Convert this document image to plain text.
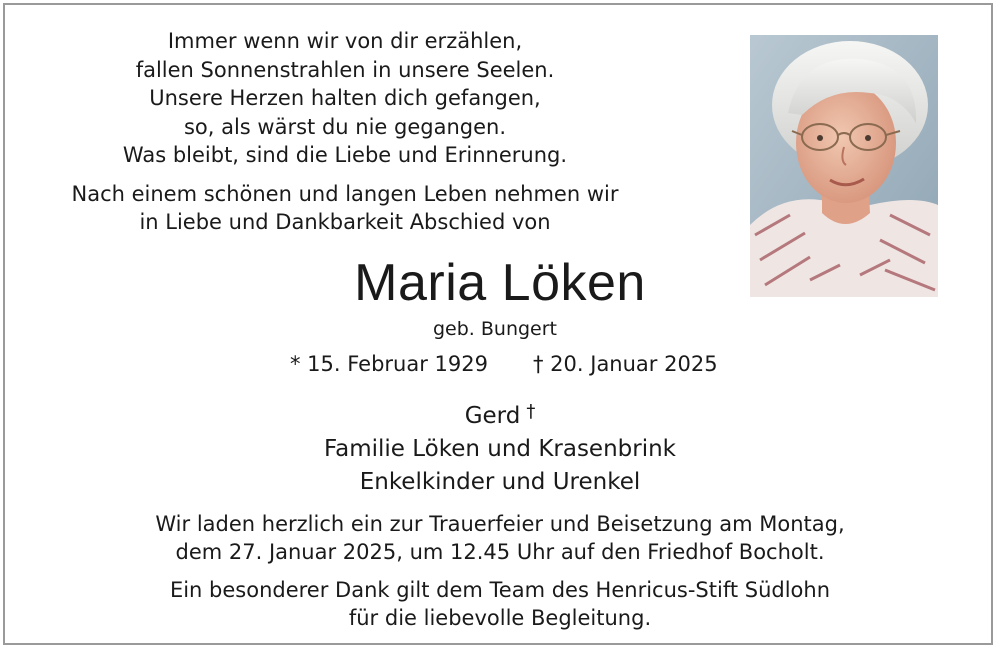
Immer wenn wir von dir erzählen,
fallen Sonnenstrahlen in unsere Seelen.
Unsere Herzen halten dich gefangen,
so, als wärst du nie gegangen.
Was bleibt, sind die Liebe und Erinnerung.
Nach einem schönen und langen Leben nehmen wir
in Liebe und Dankbarkeit Abschied von
Maria Löken
geb. Bungert
* 15. Februar 1929 † 20. Januar 2025
Gerd †
Familie Löken und Krasenbrink
Enkelkinder und Urenkel
Wir laden herzlich ein zur Trauerfeier und Beisetzung am Montag,
dem 27. Januar 2025, um 12.45 Uhr auf den Friedhof Bocholt.
Ein besonderer Dank gilt dem Team des Henricus-Stift Südlohn
für die liebevolle Begleitung.
